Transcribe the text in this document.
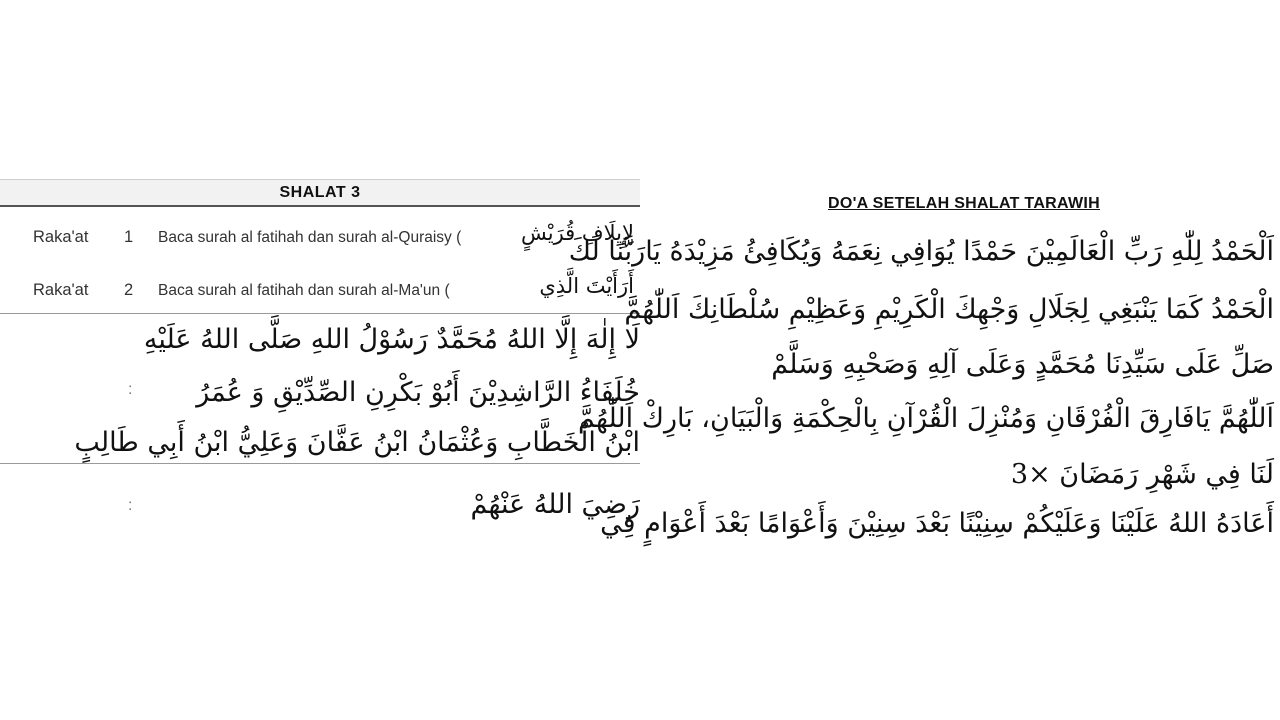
SHALAT 3
Raka'at 1 Baca surah al fatihah dan surah al-Quraisy (	لِإِيلَافِ قُرَيْشٍ
Raka'at 2 Baca surah al fatihah dan surah al-Ma'un (	أَرَأَيْتَ الَّذِي
:
لَا إِلٰهَ إِلَّا اللهُ مُحَمَّدٌ رَسُوْلُ اللهِ صَلَّى اللهُ عَلَيْهِ
خُلَفَاءُ الرَّاشِدِيْنَ أَبُوْ بَكْرِنِ الصِّدِّيْقِ وَ عُمَرُ
ابْنُ الْخَطَّابِ وَعُثْمَانُ ابْنُ عَفَّانَ وَعَلِيُّ ابْنُ أَبِي طَالِبٍ
:	رَضِيَ اللهُ عَنْهُمْ
DO'A SETELAH SHALAT TARAWIH
اَلْحَمْدُ لِلّٰهِ رَبِّ الْعَالَمِيْنَ حَمْدًا يُوَافِي نِعَمَهُ وَيُكَافِئُ مَزِيْدَهُ يَارَبَّنَا لَكَ
الْحَمْدُ كَمَا يَنْبَغِي لِجَلَالِ وَجْهِكَ الْكَرِيْمِ وَعَظِيْمِ سُلْطَانِكَ اَللّٰهُمَّ
صَلِّ عَلَى سَيِّدِنَا مُحَمَّدٍ وَعَلَى آلِهِ وَصَحْبِهِ وَسَلَّمْ
اَللّٰهُمَّ يَافَارِقَ الْفُرْقَانِ وَمُنْزِلَ الْقُرْآنِ بِالْحِكْمَةِ وَالْبَيَانِ، بَارِكْ اَللّٰهُمَّ
لَنَا فِي شَهْرِ رَمَضَانَ ×3
أَعَادَهُ اللهُ عَلَيْنَا وَعَلَيْكُمْ سِنِيْنًا بَعْدَ سِنِيْنَ وَأَعْوَامًا بَعْدَ أَعْوَامٍ فِي
